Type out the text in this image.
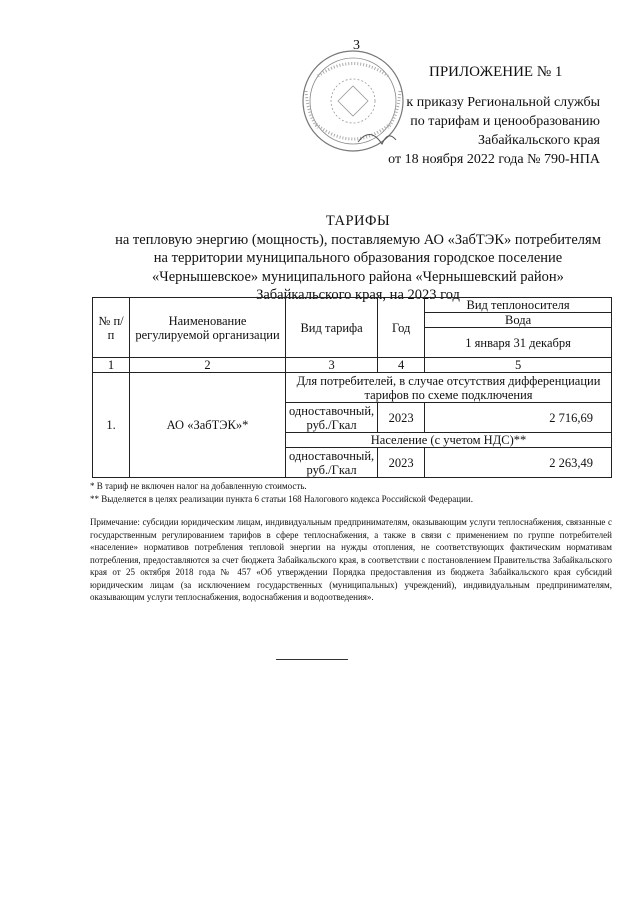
3
ПРИЛОЖЕНИЕ № 1
к приказу Региональной службы
по тарифам и ценообразованию
Забайкальского края
от 18 ноября 2022 года № 790-НПА
ТАРИФЫ
на тепловую энергию (мощность), поставляемую АО «ЗабТЭК» потребителям
на территории муниципального образования городское поселение
«Чернышевское» муниципального района «Чернышевский район»
Забайкальского края, на 2023 год
№ п/п	Наименование регулируемой организации	Вид тарифа	Год	Вид теплоносителя
				Вода
				1 января 31 декабря
1	2	3	4	5
1.	АО «ЗабТЭК»*	Для потребителей, в случае отсутствия дифференциации тарифов по схеме подключения		
		одноставочный, руб./Гкал	2023	2 716,69
		Население (с учетом НДС)**		
		одноставочный, руб./Гкал	2023	2 263,49
* В тариф не включен налог на добавленную стоимость.
** Выделяется в целях реализации пункта 6 статьи 168 Налогового кодекса Российской Федерации.
Примечание: субсидии юридическим лицам, индивидуальным предпринимателям, оказывающим услуги теплоснабжения, связанные с государственным регулированием тарифов в сфере теплоснабжения, а также в связи с применением по группе потребителей «население» нормативов потребления тепловой энергии на нужды отопления, не соответствующих фактическим нормативам потребления, предоставляются за счет бюджета Забайкальского края, в соответствии с постановлением Правительства Забайкальского края от 25 октября 2018 года № 457 «Об утверждении Порядка предоставления из бюджета Забайкальского края субсидий юридическим лицам (за исключением государственных (муниципальных) учреждений), индивидуальным предпринимателям, оказывающим услуги теплоснабжения, водоснабжения и водоотведения».
